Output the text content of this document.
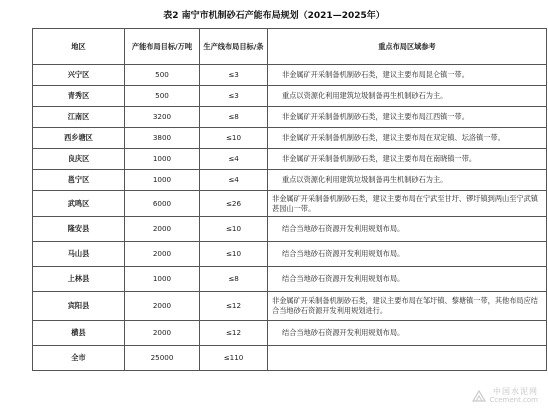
表2 南宁市机制砂石产能布局规划（2021—2025年）
地区	产能布局目标/万吨	生产线布局目标/条	重点布局区域参考
兴宁区	500	≤3	非金属矿开采制备机制砂石类，建议主要布局昆仑镇一带。
青秀区	500	≤3	重点以资源化利用建筑垃圾制备再生机制砂石为主。
江南区	3200	≤8	非金属矿开采制备机制砂石类，建议主要布局江西镇一带。
西乡塘区	3800	≤10	非金属矿开采制备机制砂石类，建议主要布局在双定镇、坛洛镇一带。
良庆区	1000	≤4	非金属矿开采制备机制砂石类，建议主要布局在南晓镇一带。
邕宁区	1000	≤4	重点以资源化利用建筑垃圾制备再生机制砂石为主。
武鸣区	6000	≤26	非金属矿开采制备机制砂石类，建议主要布局在宁武至甘圩、锣圩镇到两山至宁武镇甚园山一带。
隆安县	2000	≤10	结合当地砂石资源开发利用规划布局。
马山县	2000	≤10	结合当地砂石资源开发利用规划布局。
上林县	1000	≤8	结合当地砂石资源开发利用规划布局。
宾阳县	2000	≤12	非金属矿开采制备机制砂石类，建议主要布局在邹圩镇、黎塘镇一带，其他布局应结合当地砂石资源开发利用规划进行。
横县	2000	≤12	结合当地砂石资源开发利用规划布局。
全市	25000	≤110	
中国水泥网
Ccement.com
